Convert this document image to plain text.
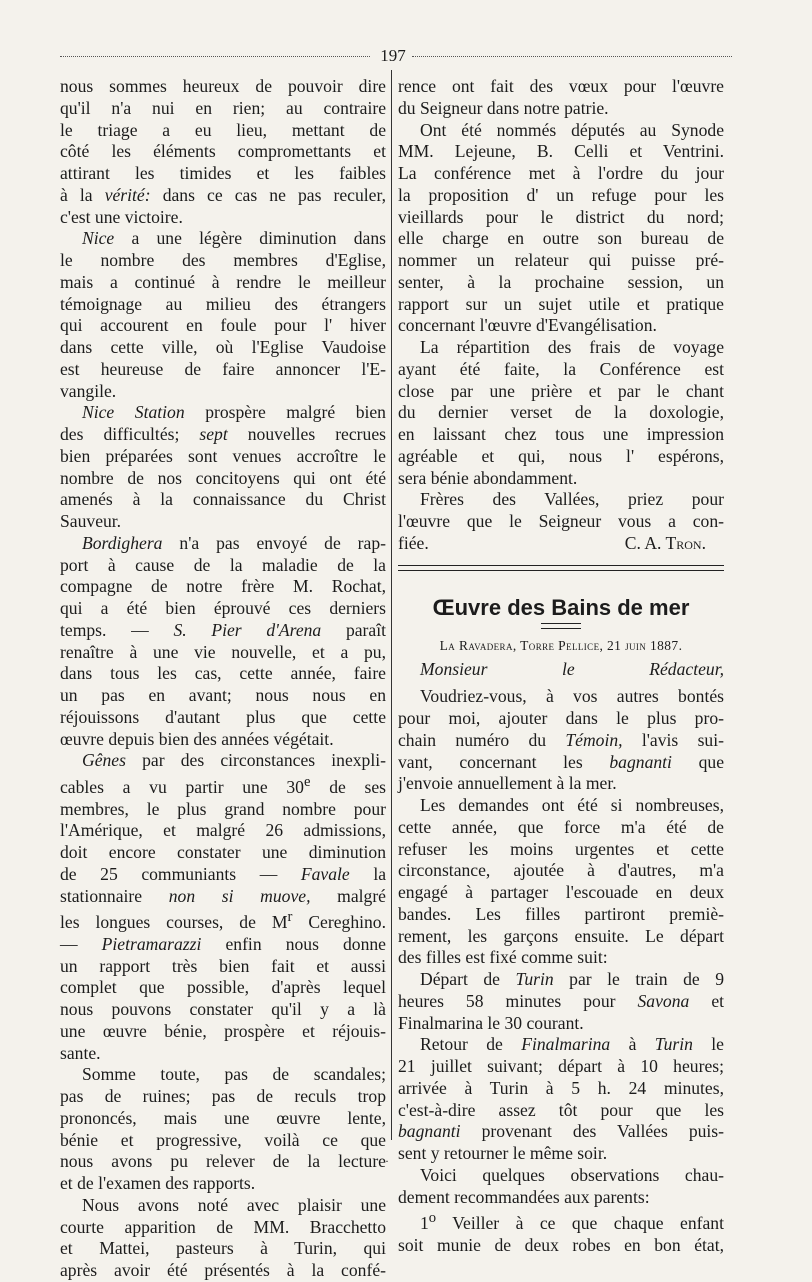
197

nous sommes heureux de pouvoir dire

qu'il n'a nui en rien; au contraire

le triage a eu lieu, mettant de

côté les éléments compromettants et

attirant les timides et les faibles

à la vérité: dans ce cas ne pas reculer,

c'est une victoire.

Nice a une légère diminution dans

le nombre des membres d'Eglise,

mais a continué à rendre le meilleur

témoignage au milieu des étrangers

qui accourent en foule pour l' hiver

dans cette ville, où l'Eglise Vaudoise

est heureuse de faire annoncer l'E-

vangile.

Nice Station prospère malgré bien

des difficultés; sept nouvelles recrues

bien préparées sont venues accroître le

nombre de nos concitoyens qui ont été

amenés à la connaissance du Christ

Sauveur.

Bordighera n'a pas envoyé de rap-

port à cause de la maladie de la

compagne de notre frère M. Rochat,

qui a été bien éprouvé ces derniers

temps. — S. Pier d'Arena paraît

renaître à une vie nouvelle, et a pu,

dans tous les cas, cette année, faire

un pas en avant; nous nous en

réjouissons d'autant plus que cette

œuvre depuis bien des années végétait.

Gênes par des circonstances inexpli-

cables a vu partir une 30e de ses

membres, le plus grand nombre pour

l'Amérique, et malgré 26 admissions,

doit encore constater une diminution

de 25 communiants — Favale la

stationnaire non si muove, malgré

les longues courses, de $M^r$ Cereghino.

— Pietramarazzi enfin nous donne

un rapport très bien fait et aussi

complet que possible, d'après lequel

nous pouvons constater qu'il y a là

une œuvre bénie, prospère et réjouis-

sante.

Somme toute, pas de scandales;

pas de ruines; pas de reculs trop

prononcés, mais une œuvre lente,

bénie et progressive, voilà ce que

nous avons pu relever de la lecture

et de l'examen des rapports.

Nous avons noté avec plaisir une

courte apparition de MM. Bracchetto

et Mattei, pasteurs à Turin, qui

après avoir été présentés à la confé-

rence ont fait des vœux pour l'œuvre

du Seigneur dans notre patrie.

Ont été nommés députés au Synode

MM. Lejeune, B. Celli et Ventrini.

La conférence met à l'ordre du jour

la proposition d' un refuge pour les

vieillards pour le district du nord;

elle charge en outre son bureau de

nommer un relateur qui puisse pré-

senter, à la prochaine session, un

rapport sur un sujet utile et pratique

concernant l'œuvre d'Evangélisation.

La répartition des frais de voyage

ayant été faite, la Conférence est

close par une prière et par le chant

du dernier verset de la doxologie,

en laissant chez tous une impression

agréable et qui, nous l' espérons,

sera bénie abondamment.

Frères des Vallées, priez pour

l'œuvre que le Seigneur vous a con-

fiée.	C. A. Tron.
Œuvre des Bains de mer
La Ravadera, Torre Pellice, 21 juin 1887.

Monsieur le Rédacteur,

Voudriez-vous, à vos autres bontés

pour moi, ajouter dans le plus pro-

chain numéro du Témoin, l'avis sui-

vant, concernant les bagnanti que

j'envoie annuellement à la mer.

Les demandes ont été si nombreuses,

cette année, que force m'a été de

refuser les moins urgentes et cette

circonstance, ajoutée à d'autres, m'a

engagé à partager l'escouade en deux

bandes. Les filles partiront premiè-

rement, les garçons ensuite. Le départ

des filles est fixé comme suit:

Départ de Turin par le train de 9

heures 58 minutes pour Savona et

Finalmarina le 30 courant.

Retour de Finalmarina à Turin le

21 juillet suivant; départ à 10 heures;

arrivée à Turin à 5 h. 24 minutes,

c'est-à-dire assez tôt pour que les

bagnanti provenant des Vallées puis-

sent y retourner le même soir.

Voici quelques observations chau-

dement recommandées aux parents:

1$^o$ Veiller à ce que chaque enfant

soit munie de deux robes en bon état,

·
